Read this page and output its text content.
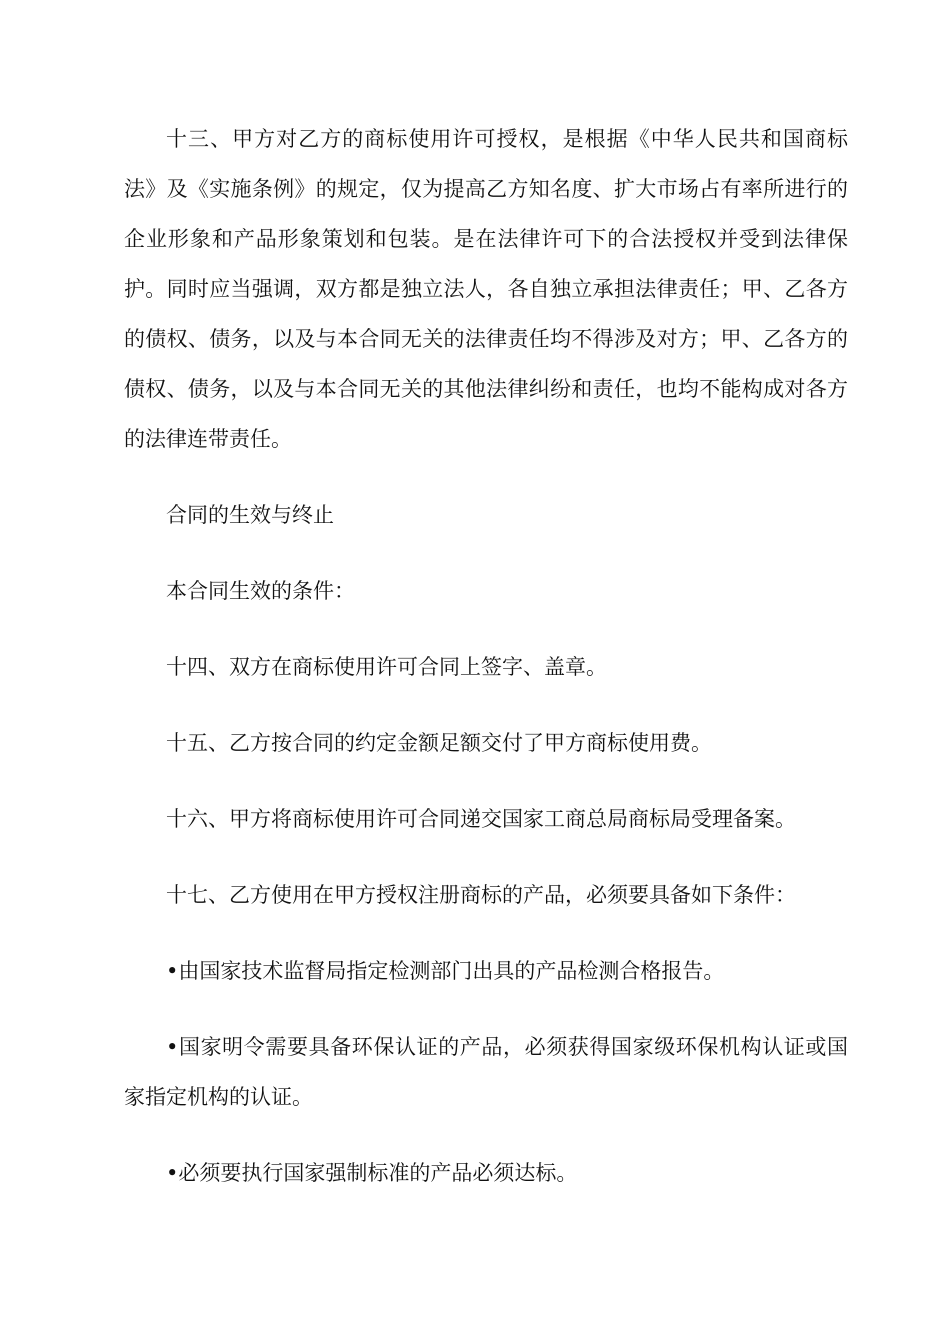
十三、甲方对乙方的商标使用许可授权，是根据《中华人民共和国商标法》及《实施条例》的规定，仅为提高乙方知名度、扩大市场占有率所进行的企业形象和产品形象策划和包装。是在法律许可下的合法授权并受到法律保护。同时应当强调，双方都是独立法人，各自独立承担法律责任；甲、乙各方的债权、债务，以及与本合同无关的法律责任均不得涉及对方；甲、乙各方的债权、债务，以及与本合同无关的其他法律纠纷和责任，也均不能构成对各方的法律连带责任。

合同的生效与终止

本合同生效的条件：

十四、双方在商标使用许可合同上签字、盖章。

十五、乙方按合同的约定金额足额交付了甲方商标使用费。

十六、甲方将商标使用许可合同递交国家工商总局商标局受理备案。

十七、乙方使用在甲方授权注册商标的产品，必须要具备如下条件：

•由国家技术监督局指定检测部门出具的产品检测合格报告。

•国家明令需要具备环保认证的产品，必须获得国家级环保机构认证或国家指定机构的认证。

•必须要执行国家强制标准的产品必须达标。
